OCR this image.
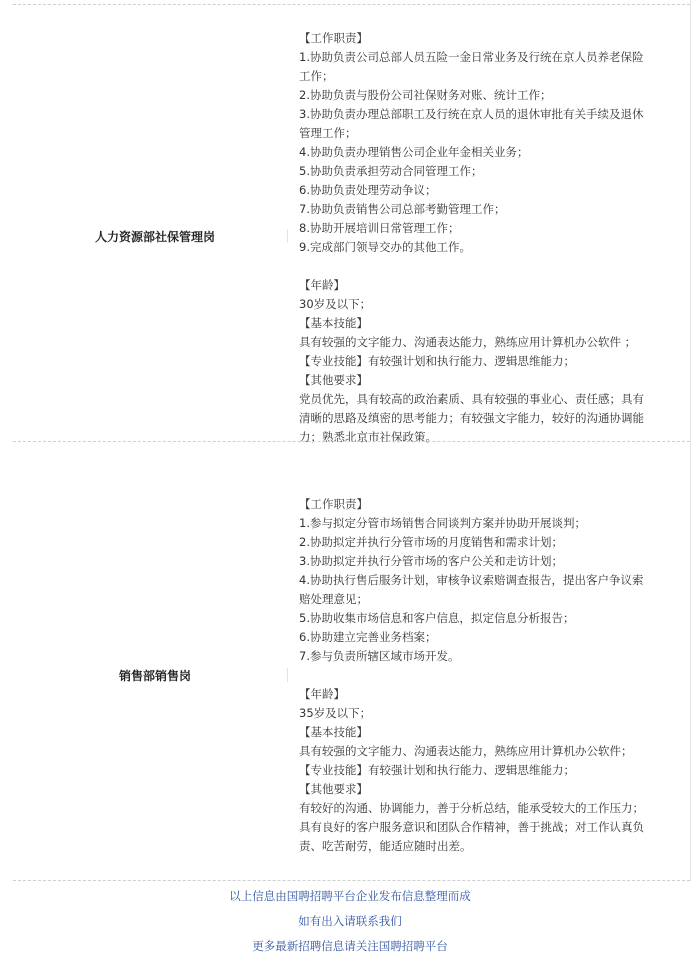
人力资源部社保管理岗

【工作职责】

1.协助负责公司总部人员五险一金日常业务及行统在京人员养老保险

工作；

2.协助负责与股份公司社保财务对账、统计工作；

3.协助负责办理总部职工及行统在京人员的退休审批有关手续及退休

管理工作；

4.协助负责办理销售公司企业年金相关业务；

5.协助负责承担劳动合同管理工作；

6.协助负责处理劳动争议；

7.协助负责销售公司总部考勤管理工作；

8.协助开展培训日常管理工作；

9.完成部门领导交办的其他工作。

【年龄】

30岁及以下；

【基本技能】

具有较强的文字能力、沟通表达能力，熟练应用计算机办公软件 ；

【专业技能】有较强计划和执行能力、逻辑思维能力；

【其他要求】

党员优先，具有较高的政治素质、具有较强的事业心、责任感；具有

清晰的思路及缜密的思考能力；有较强文字能力，较好的沟通协调能

力；熟悉北京市社保政策。

销售部销售岗

【工作职责】

1.参与拟定分管市场销售合同谈判方案并协助开展谈判；

2.协助拟定并执行分管市场的月度销售和需求计划；

3.协助拟定并执行分管市场的客户公关和走访计划；

4.协助执行售后服务计划，审核争议索赔调查报告，提出客户争议索

赔处理意见；

5.协助收集市场信息和客户信息，拟定信息分析报告；

6.协助建立完善业务档案；

7.参与负责所辖区域市场开发。

【年龄】

35岁及以下；

【基本技能】

具有较强的文字能力、沟通表达能力，熟练应用计算机办公软件；

【专业技能】有较强计划和执行能力、逻辑思维能力；

【其他要求】

有较好的沟通、协调能力，善于分析总结，能承受较大的工作压力；

具有良好的客户服务意识和团队合作精神，善于挑战；对工作认真负

责、吃苦耐劳，能适应随时出差。

以上信息由国聘招聘平台企业发布信息整理而成
如有出入请联系我们
更多最新招聘信息请关注国聘招聘平台
